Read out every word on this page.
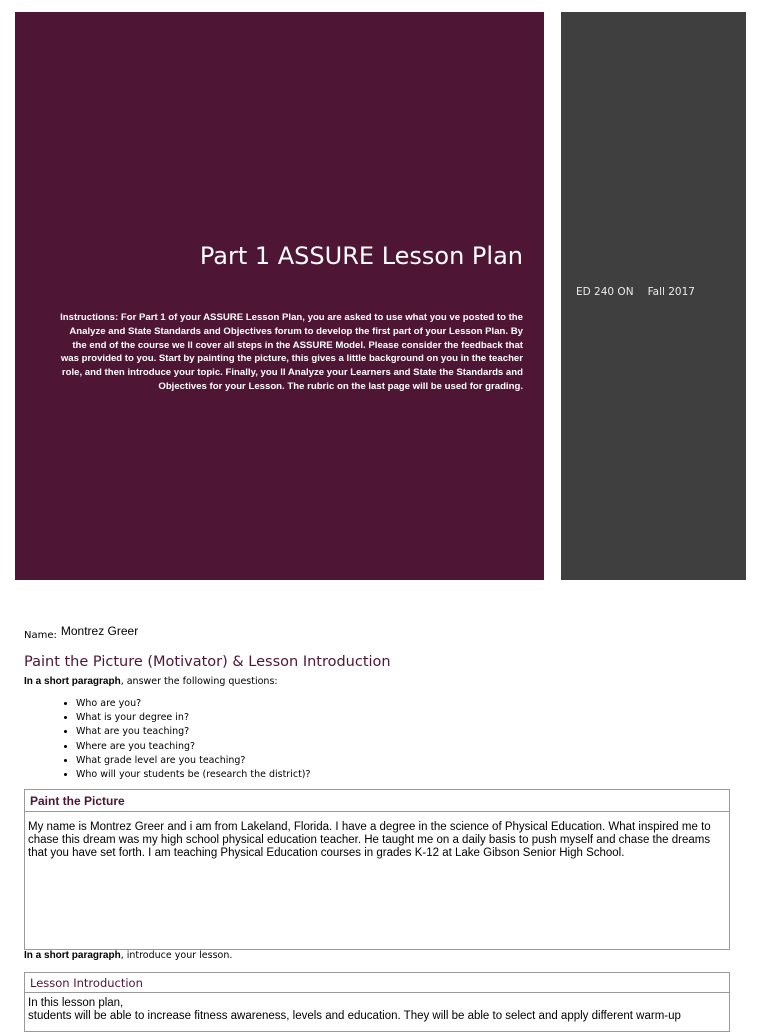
Part 1 ASSURE Lesson Plan

Instructions: For Part 1 of your ASSURE Lesson Plan, you are asked to use what you ve posted to the Analyze and State Standards and Objectives forum to develop the first part of your Lesson Plan. By the end of the course we ll cover all steps in the ASSURE Model. Please consider the feedback that was provided to you. Start by painting the picture, this gives a little background on you in the teacher role, and then introduce your topic. Finally, you ll Analyze your Learners and State the Standards and Objectives for your Lesson. The rubric on the last page will be used for grading.

ED 240 ON Fall 2017
$_{Name:}$ Montrez Greer
Paint the Picture (Motivator) & Lesson Introduction
In a short paragraph, answer the following questions:
• Who are you?
• What is your degree in?
• What are you teaching?
• Where are you teaching?
• What grade level are you teaching?
• Who will your students be (research the district)?
Paint the Picture
My name is Montrez Greer and i am from Lakeland, Florida. I have a degree in the science of Physical Education. What inspired me to chase this dream was my high school physical education teacher. He taught me on a daily basis to push myself and chase the dreams that you have set forth. I am teaching Physical Education courses in grades K-12 at Lake Gibson Senior High School.
In a short paragraph, introduce your lesson.
Lesson Introduction
In this lesson plan,
students will be able to increase fitness awareness, levels and education. They will be able to select and apply different warm-up
